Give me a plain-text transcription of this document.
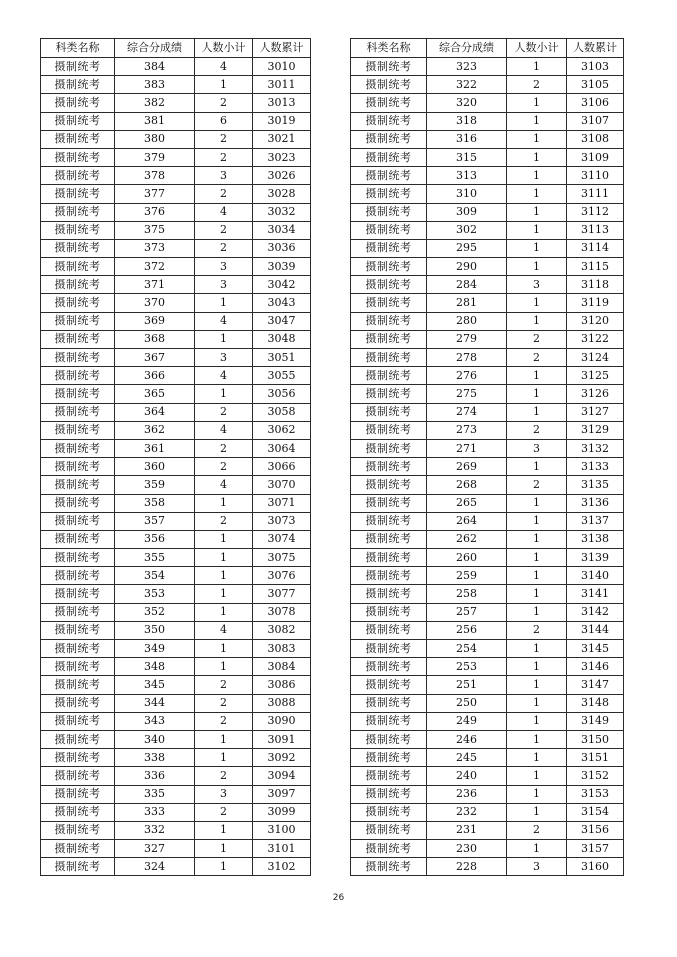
科类名称	综合分成绩	人数小计	人数累计
摄制统考	384	4	3010
摄制统考	383	1	3011
摄制统考	382	2	3013
摄制统考	381	6	3019
摄制统考	380	2	3021
摄制统考	379	2	3023
摄制统考	378	3	3026
摄制统考	377	2	3028
摄制统考	376	4	3032
摄制统考	375	2	3034
摄制统考	373	2	3036
摄制统考	372	3	3039
摄制统考	371	3	3042
摄制统考	370	1	3043
摄制统考	369	4	3047
摄制统考	368	1	3048
摄制统考	367	3	3051
摄制统考	366	4	3055
摄制统考	365	1	3056
摄制统考	364	2	3058
摄制统考	362	4	3062
摄制统考	361	2	3064
摄制统考	360	2	3066
摄制统考	359	4	3070
摄制统考	358	1	3071
摄制统考	357	2	3073
摄制统考	356	1	3074
摄制统考	355	1	3075
摄制统考	354	1	3076
摄制统考	353	1	3077
摄制统考	352	1	3078
摄制统考	350	4	3082
摄制统考	349	1	3083
摄制统考	348	1	3084
摄制统考	345	2	3086
摄制统考	344	2	3088
摄制统考	343	2	3090
摄制统考	340	1	3091
摄制统考	338	1	3092
摄制统考	336	2	3094
摄制统考	335	3	3097
摄制统考	333	2	3099
摄制统考	332	1	3100
摄制统考	327	1	3101
摄制统考	324	1	3102
科类名称	综合分成绩	人数小计	人数累计
摄制统考	323	1	3103
摄制统考	322	2	3105
摄制统考	320	1	3106
摄制统考	318	1	3107
摄制统考	316	1	3108
摄制统考	315	1	3109
摄制统考	313	1	3110
摄制统考	310	1	3111
摄制统考	309	1	3112
摄制统考	302	1	3113
摄制统考	295	1	3114
摄制统考	290	1	3115
摄制统考	284	3	3118
摄制统考	281	1	3119
摄制统考	280	1	3120
摄制统考	279	2	3122
摄制统考	278	2	3124
摄制统考	276	1	3125
摄制统考	275	1	3126
摄制统考	274	1	3127
摄制统考	273	2	3129
摄制统考	271	3	3132
摄制统考	269	1	3133
摄制统考	268	2	3135
摄制统考	265	1	3136
摄制统考	264	1	3137
摄制统考	262	1	3138
摄制统考	260	1	3139
摄制统考	259	1	3140
摄制统考	258	1	3141
摄制统考	257	1	3142
摄制统考	256	2	3144
摄制统考	254	1	3145
摄制统考	253	1	3146
摄制统考	251	1	3147
摄制统考	250	1	3148
摄制统考	249	1	3149
摄制统考	246	1	3150
摄制统考	245	1	3151
摄制统考	240	1	3152
摄制统考	236	1	3153
摄制统考	232	1	3154
摄制统考	231	2	3156
摄制统考	230	1	3157
摄制统考	228	3	3160
26
